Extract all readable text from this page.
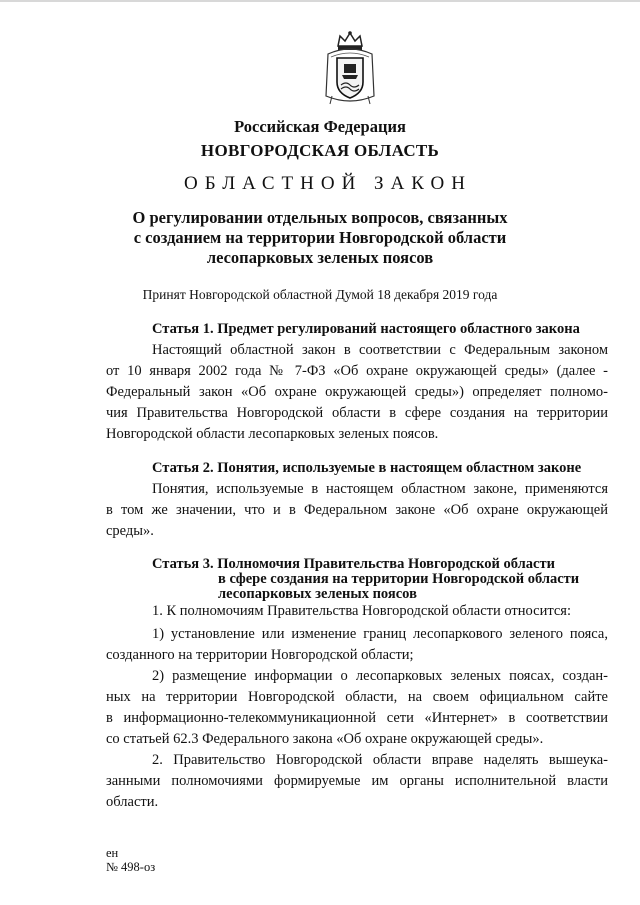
Российская Федерация
НОВГОРОДСКАЯ ОБЛАСТЬ
ОБЛАСТНОЙ ЗАКОН
О регулировании отдельных вопросов, связанных
с созданием на территории Новгородской области
лесопарковых зеленых поясов
Принят Новгородской областной Думой 18 декабря 2019 года
Статья 1. Предмет регулирований настоящего областного закона
Настоящий областной закон в соответствии с Федеральным законом
от 10 января 2002 года № 7-ФЗ «Об охране окружающей среды» (далее -
Федеральный закон «Об охране окружающей среды») определяет полномо-
чия Правительства Новгородской области в сфере создания на территории
Новгородской области лесопарковых зеленых поясов.
Статья 2. Понятия, используемые в настоящем областном законе
Понятия, используемые в настоящем областном законе, применяются
в том же значении, что и в Федеральном законе «Об охране окружающей
среды».
Статья 3. Полномочия Правительства Новгородской области
в сфере создания на территории Новгородской области
лесопарковых зеленых поясов
1. К полномочиям Правительства Новгородской области относится:
1) установление или изменение границ лесопаркового зеленого пояса,
созданного на территории Новгородской области;
2) размещение информации о лесопарковых зеленых поясах, создан-
ных на территории Новгородской области, на своем официальном сайте
в информационно-телекоммуникационной сети «Интернет» в соответствии
со статьей 62.3 Федерального закона «Об охране окружающей среды».
2. Правительство Новгородской области вправе наделять вышеука-
занными полномочиями формируемые им органы исполнительной власти
области.
ен
№ 498-оз
